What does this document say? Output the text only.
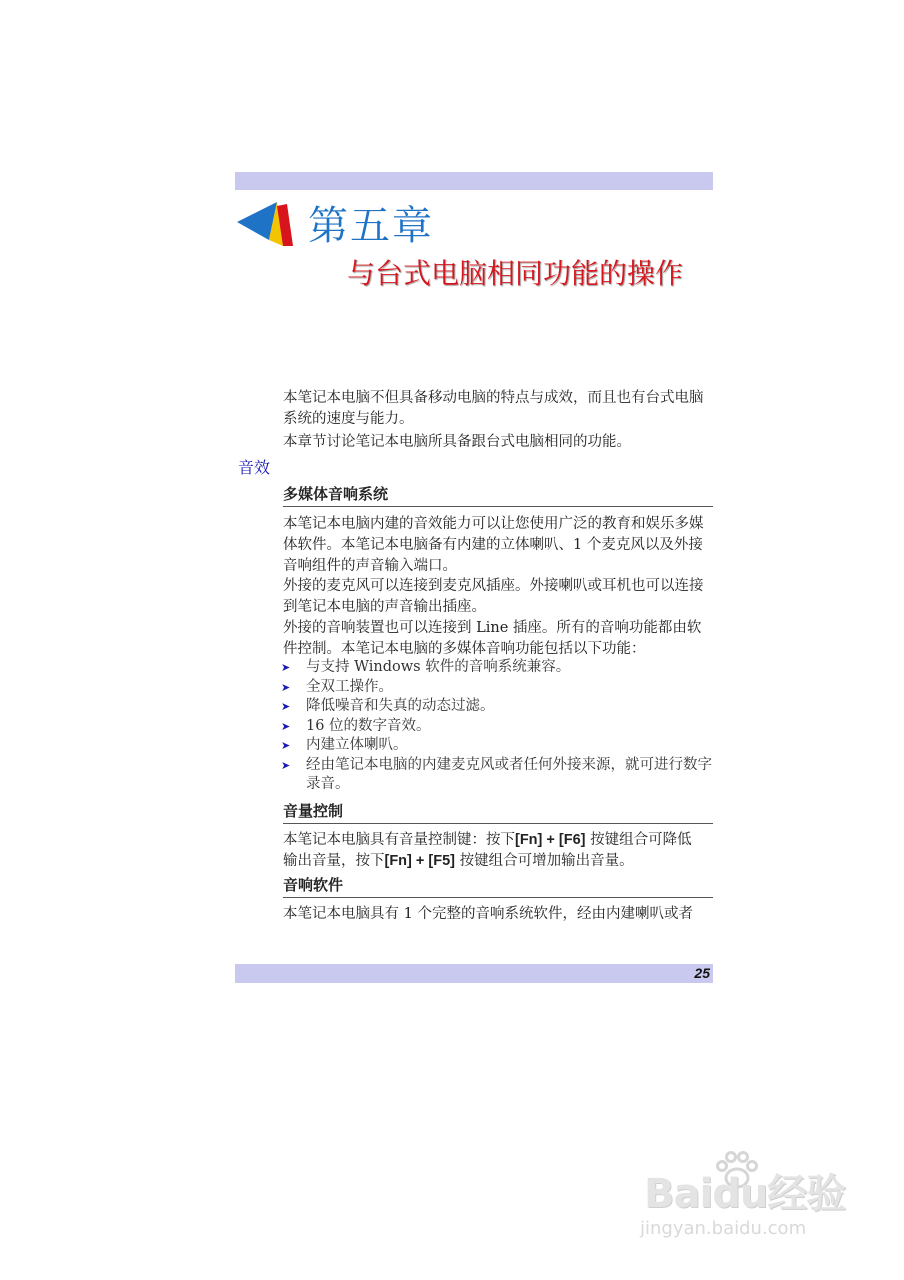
第五章
与台式电脑相同功能的操作

本笔记本电脑不但具备移动电脑的特点与成效，而且也有台式电脑系统的速度与能力。

本章节讨论笔记本电脑所具备跟台式电脑相同的功能。

音效
多媒体音响系统

本笔记本电脑内建的音效能力可以让您使用广泛的教育和娱乐多媒体软件。本笔记本电脑备有内建的立体喇叭、1 个麦克风以及外接音响组件的声音输入端口。

外接的麦克风可以连接到麦克风插座。外接喇叭或耳机也可以连接到笔记本电脑的声音输出插座。

外接的音响装置也可以连接到 Line 插座。所有的音响功能都由软件控制。本笔记本电脑的多媒体音响功能包括以下功能：

➤	与支持 Windows 软件的音响系统兼容。
➤	全双工操作。
➤	降低噪音和失真的动态过滤。
➤	16 位的数字音效。
➤	内建立体喇叭。
➤	经由笔记本电脑的内建麦克风或者任何外接来源，就可进行数字录音。
音量控制

本笔记本电脑具有音量控制键：按下[Fn] + [F6] 按键组合可降低
输出音量，按下[Fn] + [F5] 按键组合可增加输出音量。

音响软件

本笔记本电脑具有 1 个完整的音响系统软件，经由内建喇叭或者

25
Baidu经验
jingyan.baidu.com
